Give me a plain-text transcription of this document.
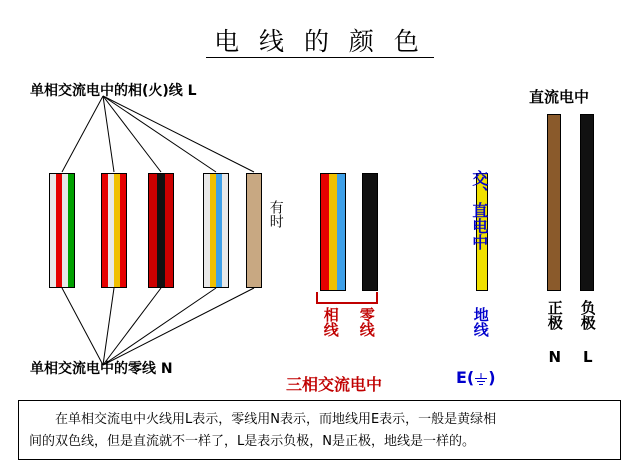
电 线 的 颜 色
单相交流电中的相(火)线 L
单相交流电中的零线 N
直流电中
有时
相线 零线
三相交流电中
交、直电中
地线
E( )
正极 N 负极 L

在单相交流电中火线用L表示，零线用N表示，而地线用E表示，一般是黄绿相

间的双色线，但是直流就不一样了，L是表示负极，N是正极，地线是一样的。
